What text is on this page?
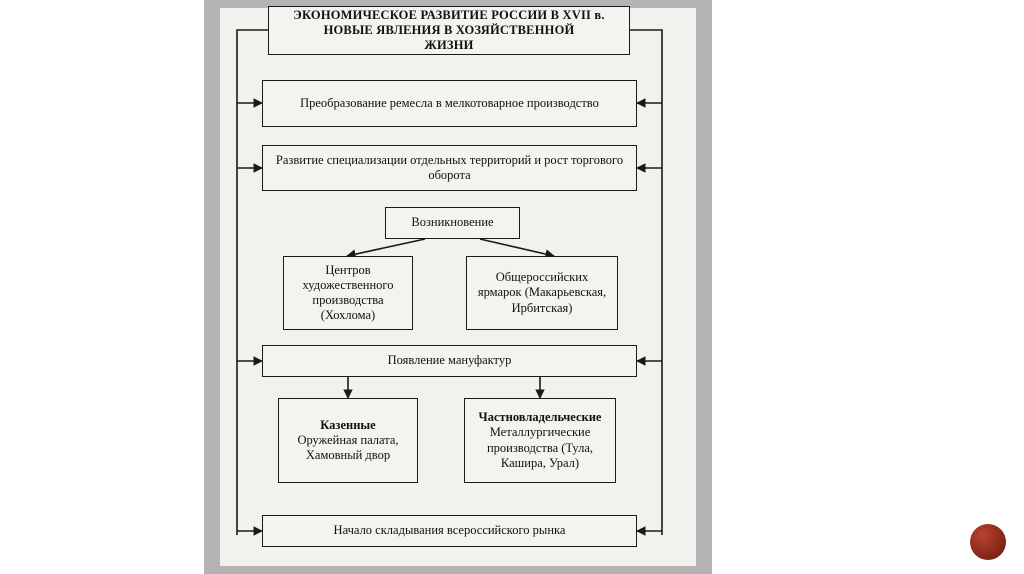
ЭКОНОМИЧЕСКОЕ РАЗВИТИЕ РОССИИ В XVII в.
НОВЫЕ ЯВЛЕНИЯ В ХОЗЯЙСТВЕННОЙ
ЖИЗНИ
Преобразование ремесла в мелкотоварное производство
Развитие специализации отдельных территорий и рост торгового оборота
Возникновение
Центров художественного производства (Хохлома)
Общероссийских ярмарок (Макарьевская, Ирбитская)
Появление мануфактур
Казенные
Оружейная палата, Хамовный двор
Частновладельческие
Металлургические производства (Тула, Кашира, Урал)
Начало складывания всероссийского рынка
